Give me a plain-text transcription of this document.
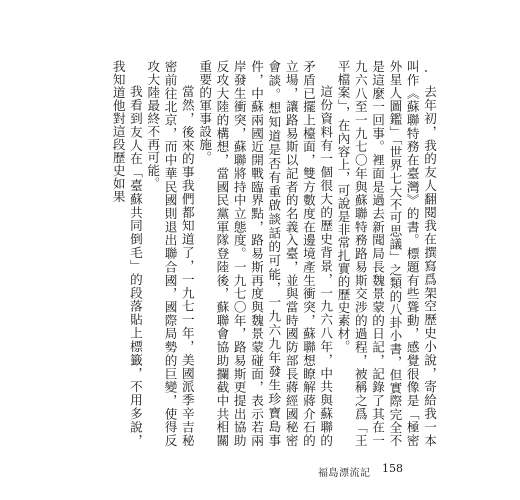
去年初，我的友人翻閱我在撰寫爲架空歷史小說，寄給我一本叫作《蘇聯特務在臺灣》的書。標題有些聳動，感覺很像是「極密外星人圖鑑」「世界七大不可思議」之類的八卦小書，但實際完全不是這麼一回事。裡面是過去新聞局長魏景蒙的日記，記錄了其在一九六八至一九七〇年與蘇聯特務路易斯交涉的過程，被稱之爲「王平檔案」，在內容上，可說是非常扎實的歷史素材。

這份資料有一個很大的歷史背景，一九六八年，中共與蘇聯的矛盾已擺上檯面，雙方數度在邊境產生衝突，蘇聯想瞭解蔣介石的立場，讓路易斯以記者的名義入臺，並與當時國防部長蔣經國秘密會談。想知道是否有重啟談話的可能，一九六九年發生珍寶島事件，中蘇兩國近開戰臨界點，路易斯再度與魏景蒙碰面，表示若兩岸發生衝突，蘇聯將持中立態度。一九七〇年，路易斯更提出協助反攻大陸的構想，當國民黨軍隊登陸後，蘇聯會協助攔截中共相關重要的軍事設施。

當然，後來的事我們都知道了，一九七一年，美國派季辛吉秘密前往北京，而中華民國則退出聯合國，國際局勢的巨變，使得反攻大陸最終不再可能。

我看到友人在「臺蘇共同倒毛」的段落貼上標籤，不用多說，我知道他對這段歷史如果

福島漂流記 158
